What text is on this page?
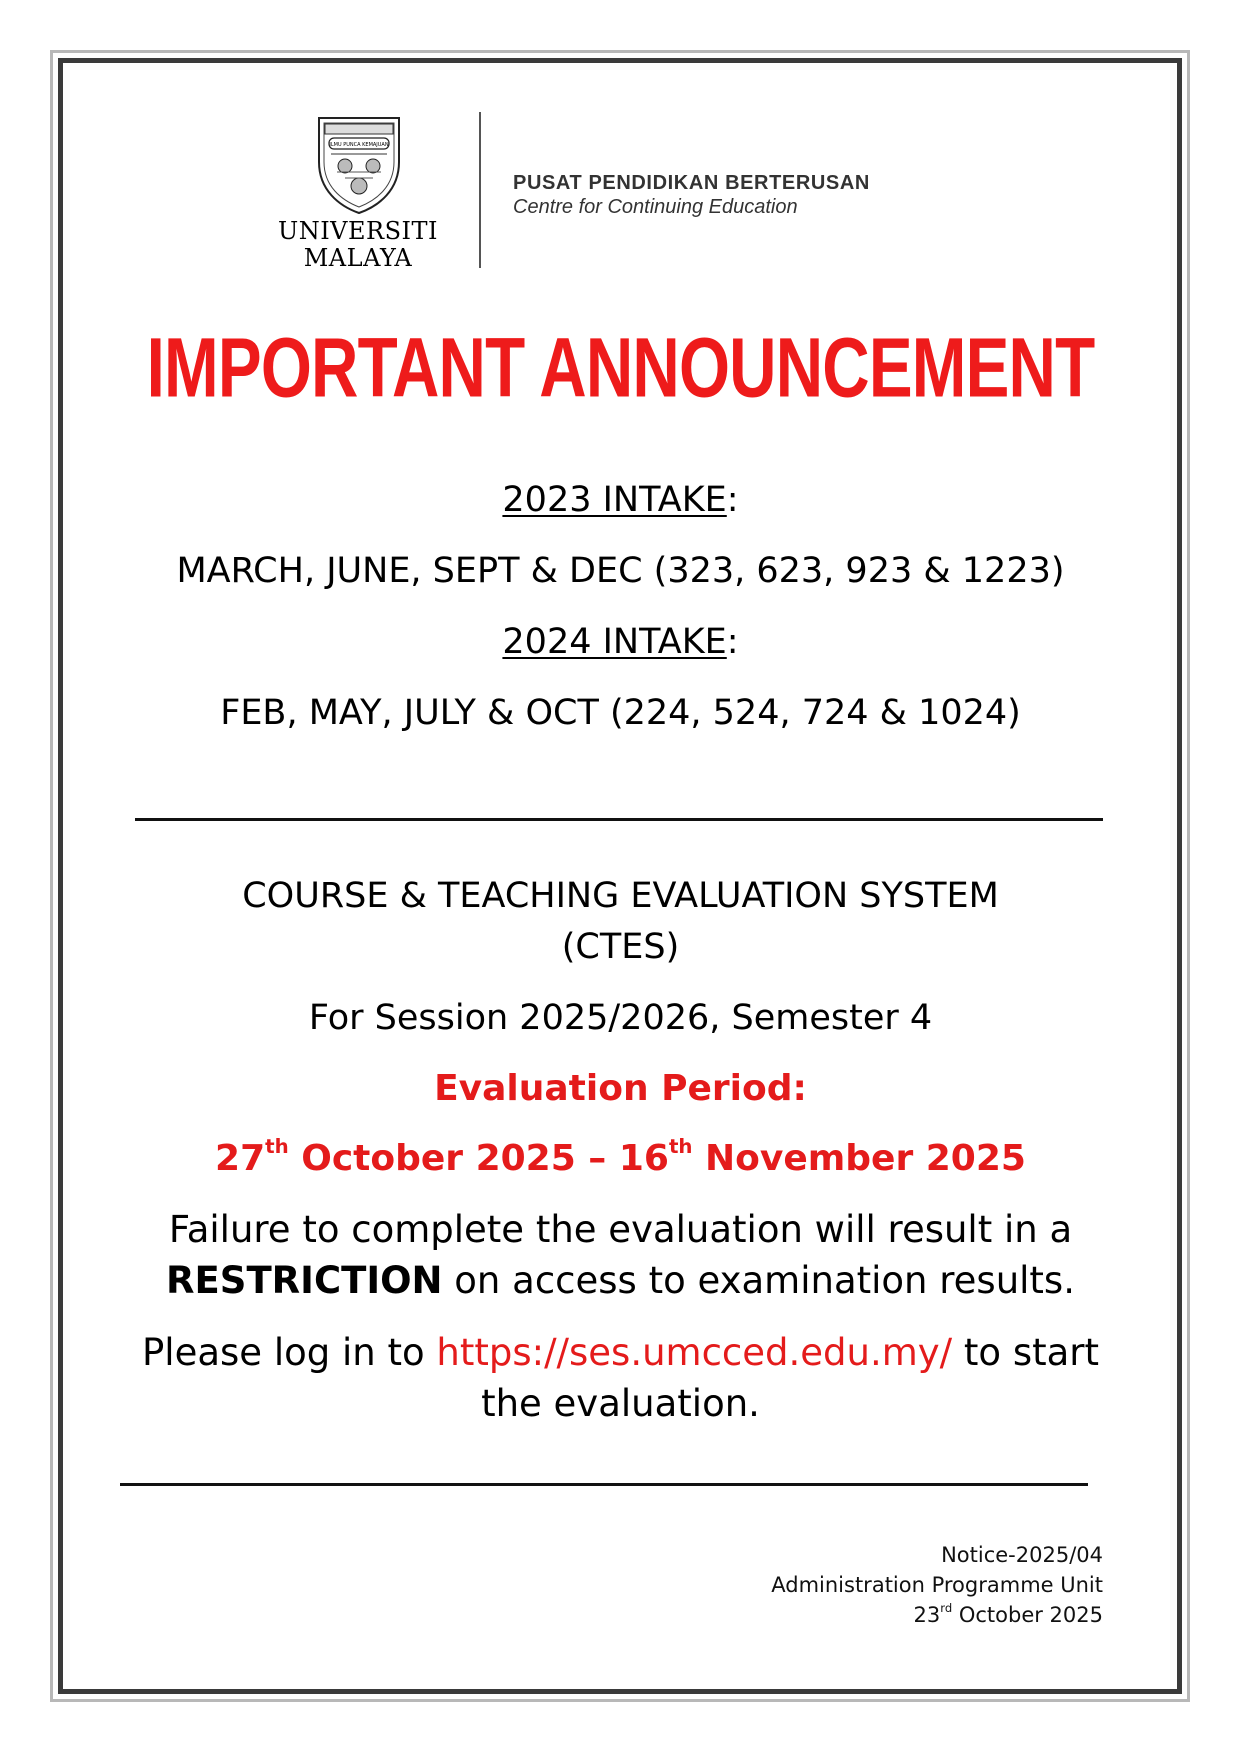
ILMU PUNCA KEMAJUAN
UNIVERSITI
MALAYA
PUSAT PENDIDIKAN BERTERUSAN
Centre for Continuing Education
IMPORTANT ANNOUNCEMENT
2023 INTAKE:
MARCH, JUNE, SEPT & DEC (323, 623, 923 & 1223)
2024 INTAKE:
FEB, MAY, JULY & OCT (224, 524, 724 & 1024)
COURSE & TEACHING EVALUATION SYSTEM
(CTES)
For Session 2025/2026, Semester 4
Evaluation Period:
27th October 2025 – 16th November 2025
Failure to complete the evaluation will result in a
RESTRICTION on access to examination results.
Please log in to https://ses.umcced.edu.my/ to start
the evaluation.
Notice-2025/04
Administration Programme Unit
23rd October 2025
